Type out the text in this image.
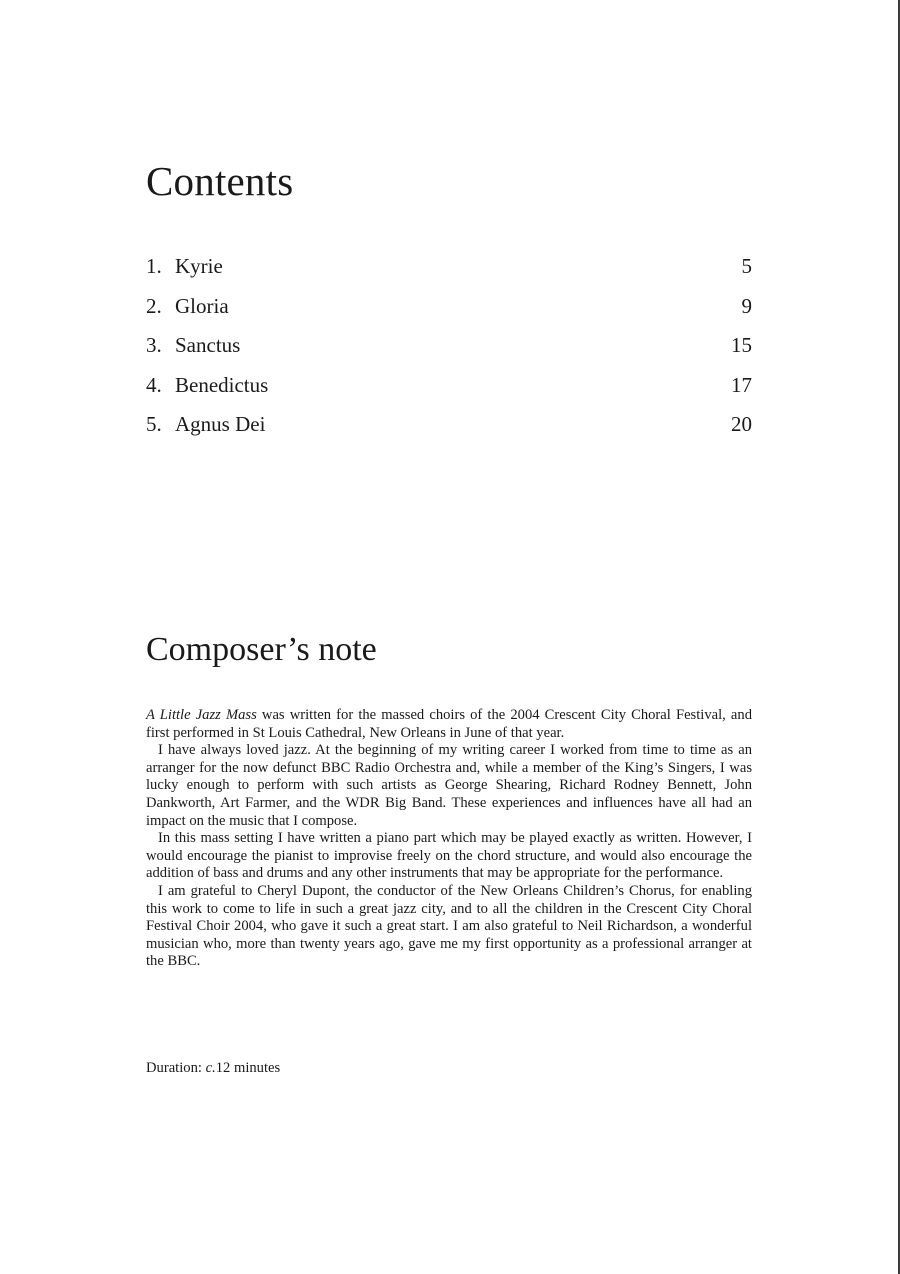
Contents
1. Kyrie	5
2. Gloria	9
3. Sanctus	15
4. Benedictus	17
5. Agnus Dei	20
Composer’s note

A Little Jazz Mass was written for the massed choirs of the 2004 Crescent City Choral Festival, and first performed in St Louis Cathedral, New Orleans in June of that year.

I have always loved jazz. At the beginning of my writing career I worked from time to time as an arranger for the now defunct BBC Radio Orchestra and, while a member of the King’s Singers, I was lucky enough to perform with such artists as George Shearing, Richard Rodney Bennett, John Dankworth, Art Farmer, and the WDR Big Band. These experiences and influences have all had an impact on the music that I compose.

In this mass setting I have written a piano part which may be played exactly as written. However, I would encourage the pianist to improvise freely on the chord structure, and would also encourage the addition of bass and drums and any other instruments that may be appropriate for the performance.

I am grateful to Cheryl Dupont, the conductor of the New Orleans Children’s Chorus, for enabling this work to come to life in such a great jazz city, and to all the children in the Crescent City Choral Festival Choir 2004, who gave it such a great start. I am also grateful to Neil Richardson, a wonderful musician who, more than twenty years ago, gave me my first opportunity as a professional arranger at the BBC.

Duration: c.12 minutes
